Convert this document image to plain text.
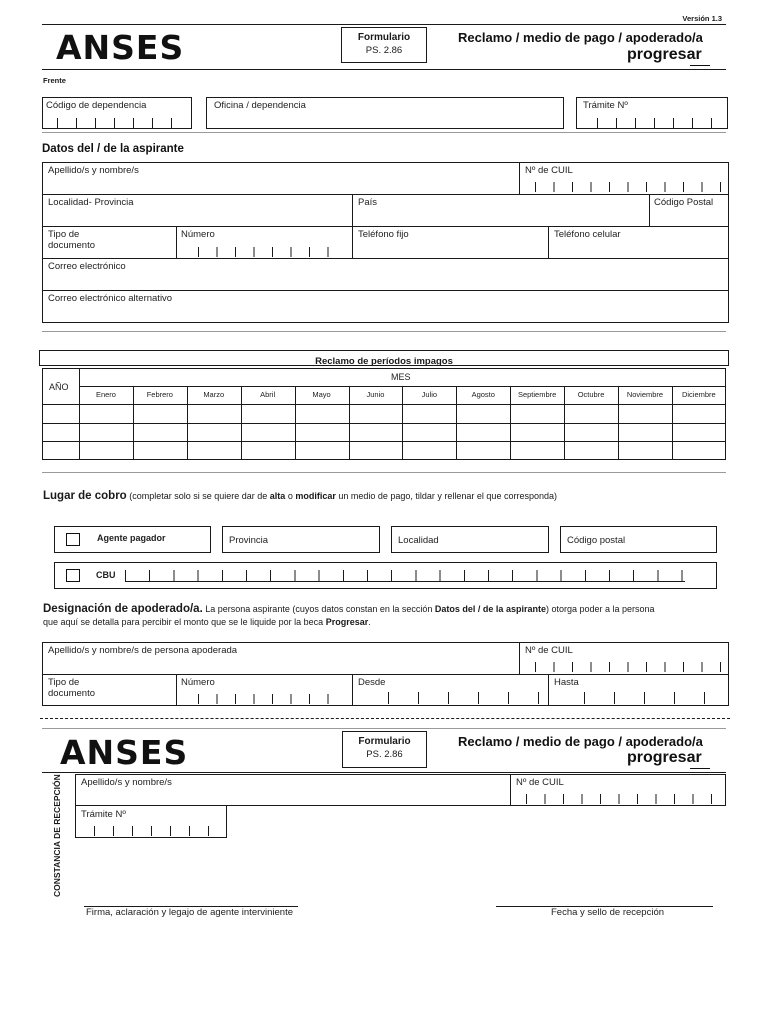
Versión 1.3
ANSES	Formulario
PS. 2.86
Reclamo / medio de pago / apoderado/a
progresar
Frente
Código de dependencia	Oficina / dependencia	Trámite Nº
Datos del / de la aspirante
Apellido/s y nombre/s	Nº de CUIL
Localidad- Provincia	País	Código Postal
Tipo de
documento
Número	Teléfono fijo	Teléfono celular
Correo electrónico
Correo electrónico alternativo
Reclamo de períodos impagos
AÑO
MES
Enero	Febrero	Marzo	Abril	Mayo	Junio	Julio	Agosto	Septiembre	Octubre	Noviembre	Diciembre
Lugar de cobro (completar solo si se quiere dar de alta o modificar un medio de pago, tildar y rellenar el que corresponda)
Agente pagador	Provincia	Localidad	Código postal
CBU
Designación de apoderado/a. La persona aspirante (cuyos datos constan en la sección Datos del / de la aspirante) otorga poder a la persona
que aquí se detalla para percibir el monto que se le liquide por la beca Progresar.
Apellido/s y nombre/s de persona apoderada	Nº de CUIL
Tipo de
documento
Número	Desde	Hasta
ANSES	Formulario
PS. 2.86
Reclamo / medio de pago / apoderado/a
progresar
CONSTANCIA DE RECEPCIÓN Apellido/s y nombre/s	Nº de CUIL
Trámite Nº
Firma, aclaración y legajo de agente interviniente	Fecha y sello de recepción
